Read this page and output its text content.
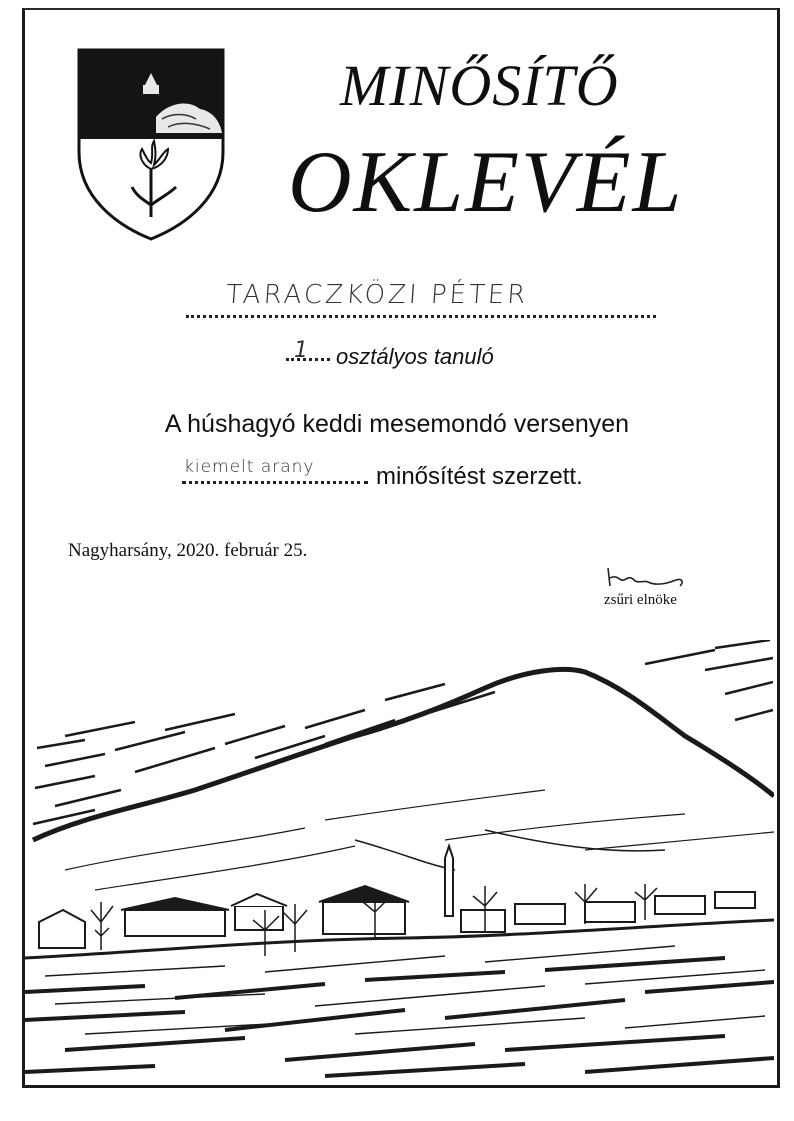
MINŐSÍTŐ
OKLEVÉL
TARACZKÖZI PÉTER
1 osztályos tanuló
A húshagyó keddi mesemondó versenyen
kiemelt arany	minősítést szerzett.
Nagyharsány, 2020. február 25.
zsűri elnöke
